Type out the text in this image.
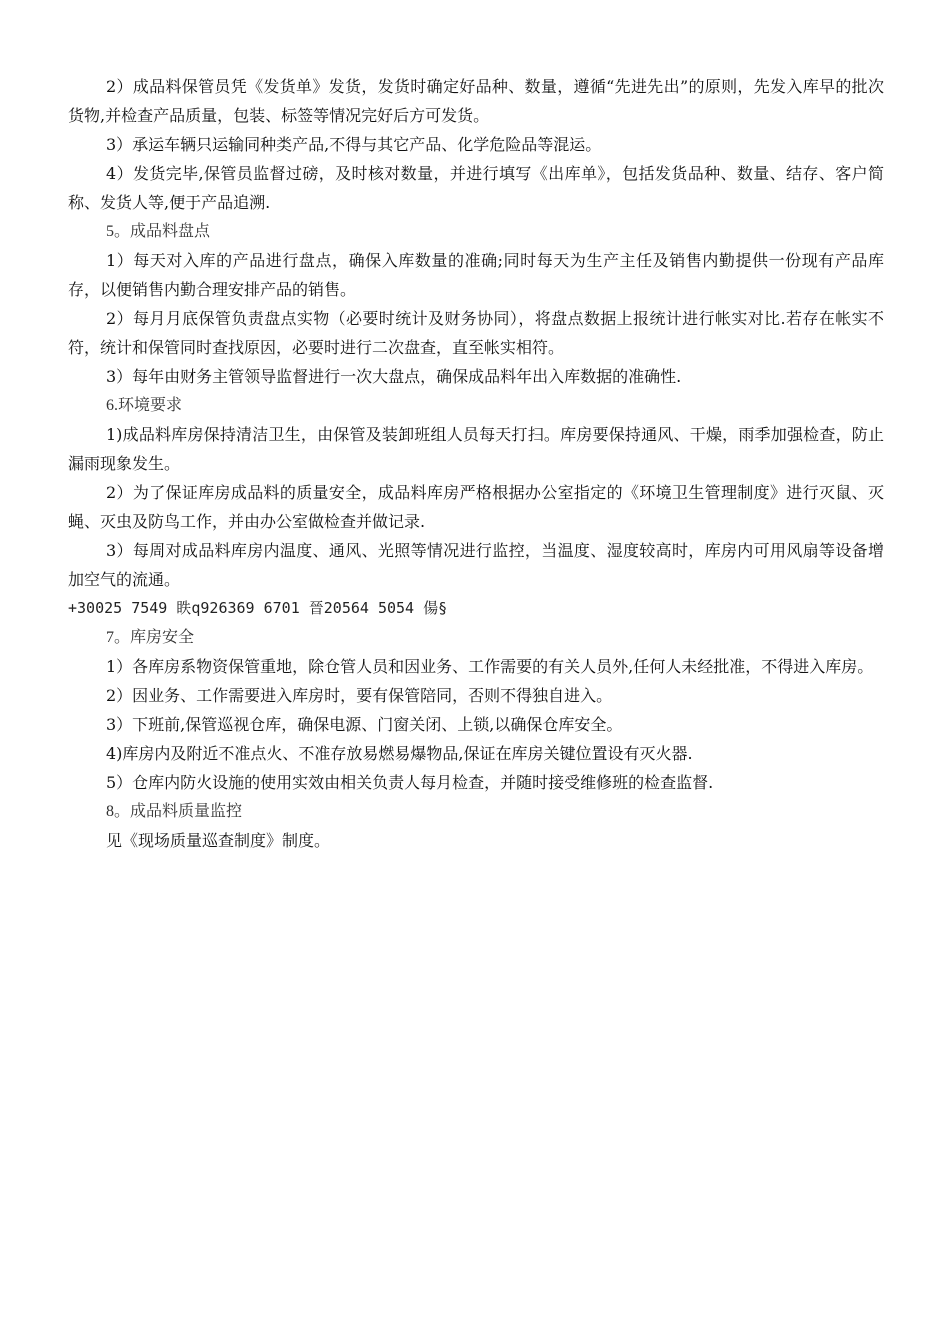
2）成品料保管员凭《发货单》发货，发货时确定好品种、数量，遵循“先进先出”的原则，先发入库早的批次货物,并检查产品质量，包装、标签等情况完好后方可发货。

3）承运车辆只运输同种类产品,不得与其它产品、化学危险品等混运。

4）发货完毕,保管员监督过磅，及时核对数量，并进行填写《出库单》，包括发货品种、数量、结存、客户简称、发货人等,便于产品追溯.

5。成品料盘点

1）每天对入库的产品进行盘点，确保入库数量的准确;同时每天为生产主任及销售内勤提供一份现有产品库存，以便销售内勤合理安排产品的销售。

2）每月月底保管负责盘点实物（必要时统计及财务协同），将盘点数据上报统计进行帐实对比.若存在帐实不符，统计和保管同时查找原因，必要时进行二次盘查，直至帐实相符。

3）每年由财务主管领导监督进行一次大盘点，确保成品料年出入库数据的准确性.

6.环境要求

1)成品料库房保持清洁卫生，由保管及装卸班组人员每天打扫。库房要保持通风、干燥，雨季加强检查，防止漏雨现象发生。

2）为了保证库房成品料的质量安全，成品料库房严格根据办公室指定的《环境卫生管理制度》进行灭鼠、灭蝇、灭虫及防鸟工作，并由办公室做检查并做记录.

3）每周对成品料库房内温度、通风、光照等情况进行监控，当温度、湿度较高时，库房内可用风扇等设备增加空气的流通。

+30025 7549 眣q926369 6701 晉20564 5054 偒§

7。库房安全

1）各库房系物资保管重地，除仓管人员和因业务、工作需要的有关人员外,任何人未经批准，不得进入库房。

2）因业务、工作需要进入库房时，要有保管陪同，否则不得独自进入。

3）下班前,保管巡视仓库，确保电源、门窗关闭、上锁,以确保仓库安全。

4)库房内及附近不准点火、不准存放易燃易爆物品,保证在库房关键位置设有灭火器.

5）仓库内防火设施的使用实效由相关负责人每月检查，并随时接受维修班的检查监督.

8。成品料质量监控

见《现场质量巡查制度》制度。
